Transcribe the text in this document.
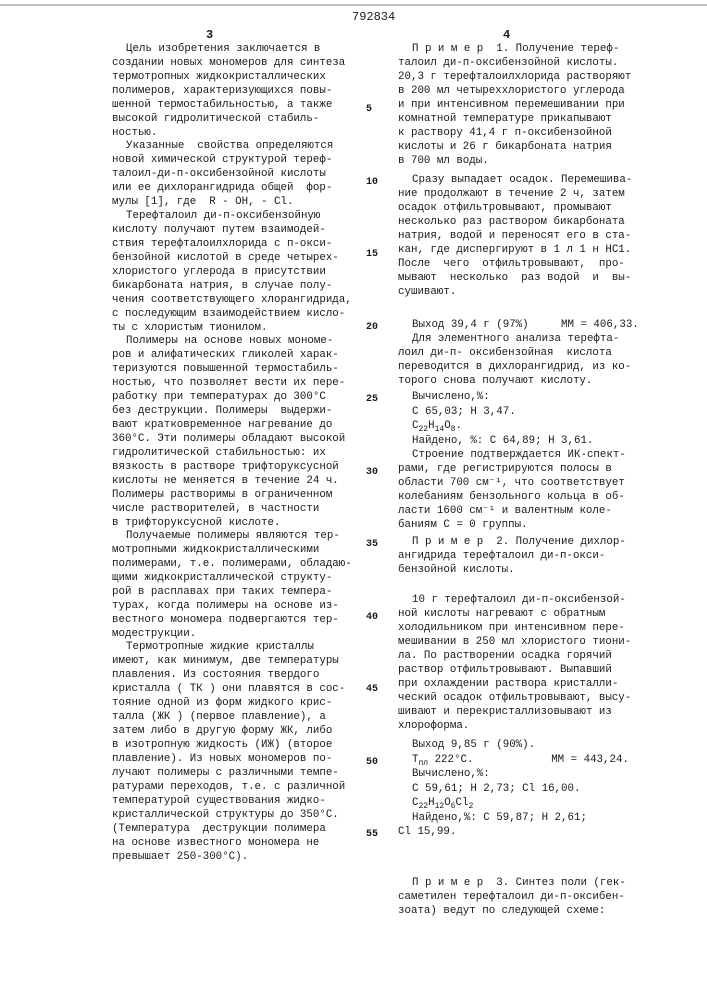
3
792834
4
Цель изобретения заключается в
создании новых мономеров для синтеза
термотропных жидкокристаллических
полимеров, характеризующихся повы-
шенной термостабильностью, а также
высокой гидролитической стабиль-
ностью.
Указанные  свойства определяются
новой химической структурой тереф-
талоил-ди-п-оксибензойной кислоты
или ее дихлорангидрида общей  фор-
мулы [1], где  R - OH, - Cl.
Терефталоил ди-п-оксибензойную
кислоту получают путем взаимодей-
ствия терефталоилхлорида с п-окси-
бензойной кислотой в среде четырех-
хлористого углерода в присутствии
бикарбоната натрия, в случае полу-
чения соответствующего хлорангидрида,
с последующим взаимодействием кисло-
ты с хлористым тионилом.
Полимеры на основе новых мономе-
ров и алифатических гликолей харак-
теризуются повышенной термостабиль-
ностью, что позволяет вести их пере-
работку при температурах до 300°С
без деструкции. Полимеры  выдержи-
вают кратковременное нагревание до
360°С. Эти полимеры обладают высокой
гидролитической стабильностью: их
вязкость в растворе трифторуксусной
кислоты не меняется в течение 24 ч.
Полимеры растворимы в ограниченном
числе растворителей, в частности
в трифторуксусной кислоте.
Получаемые полимеры являются тер-
мотропными жидкокристаллическими
полимерами, т.е. полимерами, обладаю-
щими жидкокристаллической структу-
рой в расплавах при таких темпера-
турах, когда полимеры на основе из-
вестного мономера подвергаются тер-
модеструкции.
Термотропные жидкие кристаллы
имеют, как минимум, две температуры
плавления. Из состояния твердого
кристалла ( ТК ) они плавятся в сос-
тояние одной из форм жидкого крис-
талла (ЖК ) (первое плавление), а
затем либо в другую форму ЖК, либо
в изотропную жидкость (ИЖ) (второе
плавление). Из новых мономеров по-
лучают полимеры с различными темпе-
ратурами переходов, т.е. с различной
температурой существования жидко-
кристаллической структуры до 350°С.
(Температура  деструкции полимера
на основе известного мономера не
превышает 250-300°С).
П р и м е р  1. Получение тереф-
талоил ди-п-оксибензойной кислоты.
20,3 г терефталоилхлорида растворяют
в 200 мл четыреххлористого углерода
и при интенсивном перемешивании при
комнатной температуре прикапывают
к раствору 41,4 г п-оксибензойной
кислоты и 26 г бикарбоната натрия
в 700 мл воды.
Сразу выпадает осадок. Перемешива-
ние продолжают в течение 2 ч, затем
осадок отфильтровывают, промывают
несколько раз раствором бикарбоната
натрия, водой и переносят его в ста-
кан, где диспергируют в 1 л 1 н НС1.
После  чего  отфильтровывают,  про-
мывают  несколько  раз водой  и  вы-
сушивают.
Выход 39,4 г (97%)     ММ = 406,33.
Для элементного анализа терефта-
лоил ди-п- оксибензойная  кислота
переводится в дихлорангидрид, из ко-
торого снова получают кислоту.
Вычислено,%:
С 65,03; Н 3,47.
C22H14O8.
Найдено, %: С 64,89; Н 3,61.
Строение подтверждается ИК-спект-
рами, где регистрируются полосы в
области 700 см⁻¹, что соответствует
колебаниям бензольного кольца в об-
ласти 1600 см⁻¹ и валентным коле-
баниям С = 0 группы.
П р и м е р  2. Получение дихлор-
ангидрида терефталоил ди-п-окси-
бензойной кислоты.
10 г терефталоил ди-п-оксибензой-
ной кислоты нагревают с обратным
холодильником при интенсивном пере-
мешивании в 250 мл хлористого тиони-
ла. По растворении осадка горячий
раствор отфильтровывают. Выпавший
при охлаждении раствора кристалли-
ческий осадок отфильтровывают, высу-
шивают и перекристаллизовывают из
хлороформа.
Выход 9,85 г (90%).
Tпл 222°C.            ММ = 443,24.
Вычислено,%:
С 59,61; Н 2,73; Cl 16,00.
C22H12O6Cl2
Найдено,%: С 59,87; Н 2,61;
Cl 15,99.
П р и м е р  3. Синтез поли (гек-
саметилен терефталоил ди-п-оксибен-
зоата) ведут по следующей схеме:
5
10
15
20
25
30
35
40
45
50
55
